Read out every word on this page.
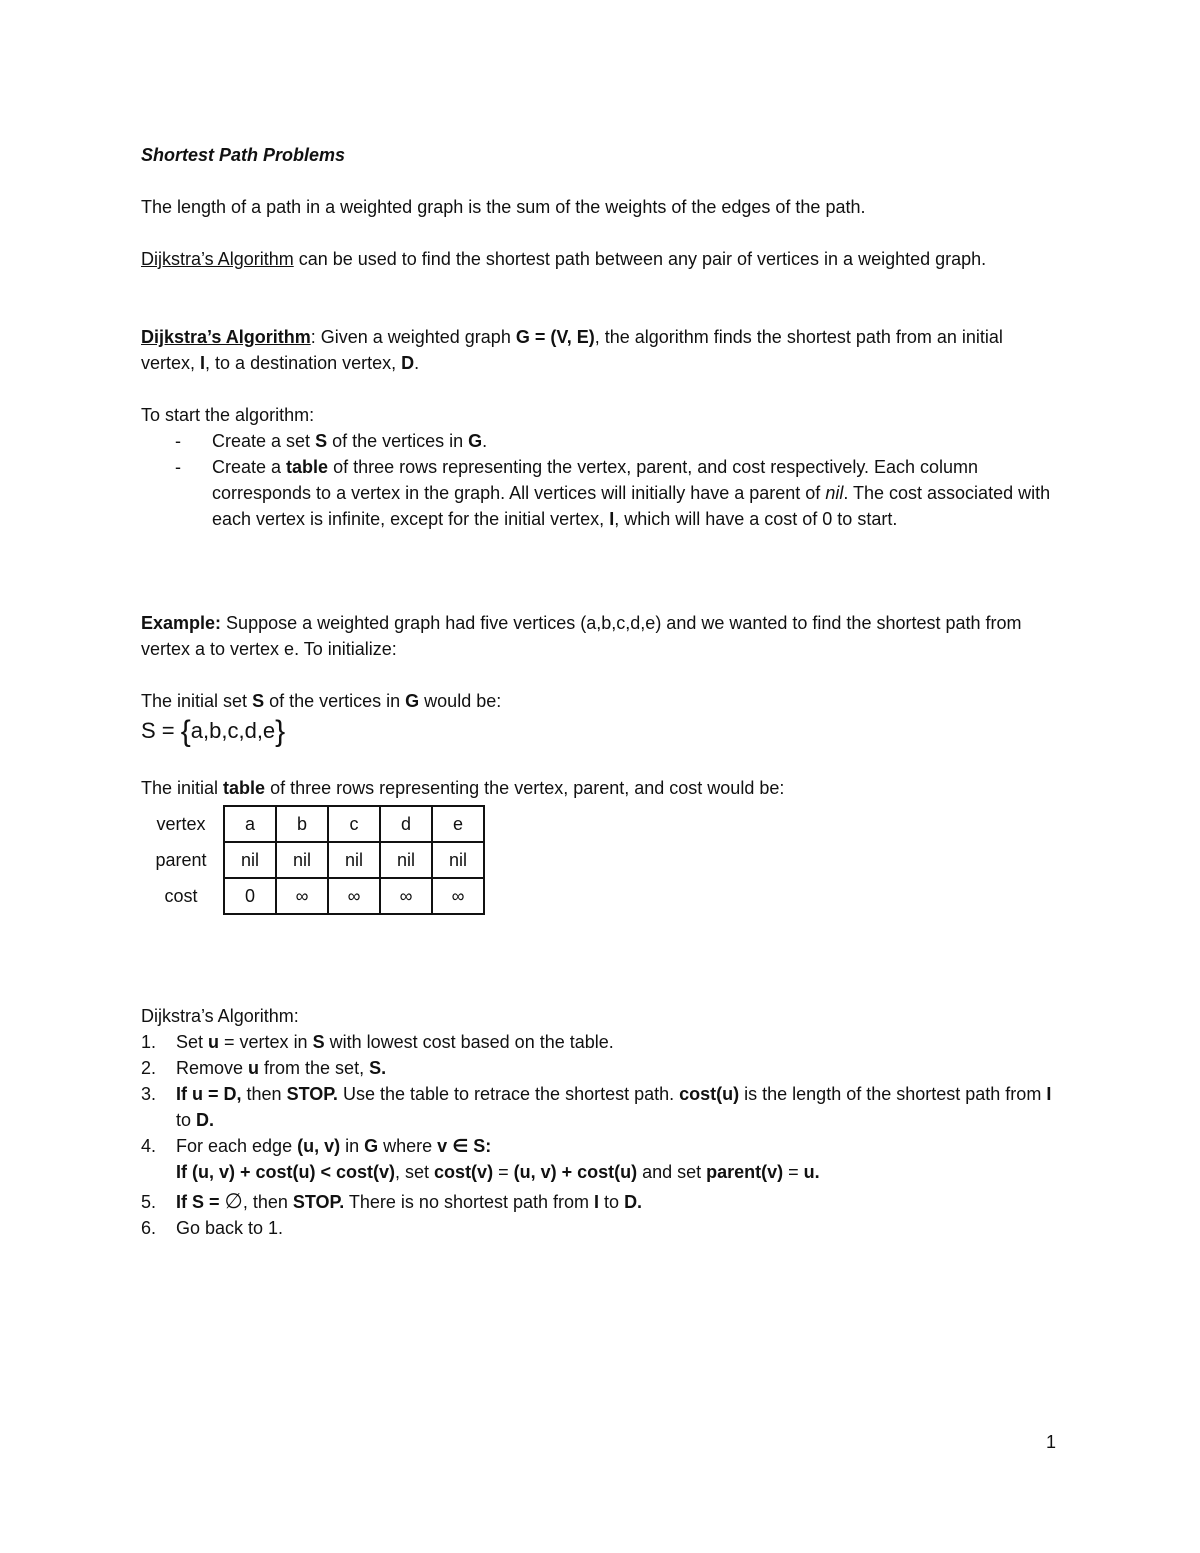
Shortest Path Problems

The length of a path in a weighted graph is the sum of the weights of the edges of the path.

Dijkstra’s Algorithm can be used to find the shortest path between any pair of vertices in a weighted graph.

Dijkstra’s Algorithm: Given a weighted graph G = (V, E), the algorithm finds the shortest path from an initial vertex, I, to a destination vertex, D.

To start the algorithm:

- Create a set S of the vertices in G.
- Create a table of three rows representing the vertex, parent, and cost respectively. Each column corresponds to a vertex in the graph. All vertices will initially have a parent of nil. The cost associated with each vertex is infinite, except for the initial vertex, I, which will have a cost of 0 to start.

Example: Suppose a weighted graph had five vertices (a,b,c,d,e) and we wanted to find the shortest path from vertex a to vertex e. To initialize:

The initial set S of the vertices in G would be:

S = {a,b,c,d,e}

The initial table of three rows representing the vertex, parent, and cost would be:

vertex	a	b	c	d	e
parent	nil	nil	nil	nil	nil
cost	0	∞	∞	∞	∞

Dijkstra’s Algorithm:

1. Set u = vertex in S with lowest cost based on the table.
2. Remove u from the set, S.
3. If u = D, then STOP. Use the table to retrace the shortest path. cost(u) is the length of the shortest path from I to D.
4. For each edge (u, v) in G where v ∈ S:
If (u, v) + cost(u) < cost(v), set cost(v) = (u, v) + cost(u) and set parent(v) = u.
5. If S = ∅, then STOP. There is no shortest path from I to D.
6. Go back to 1.
1
